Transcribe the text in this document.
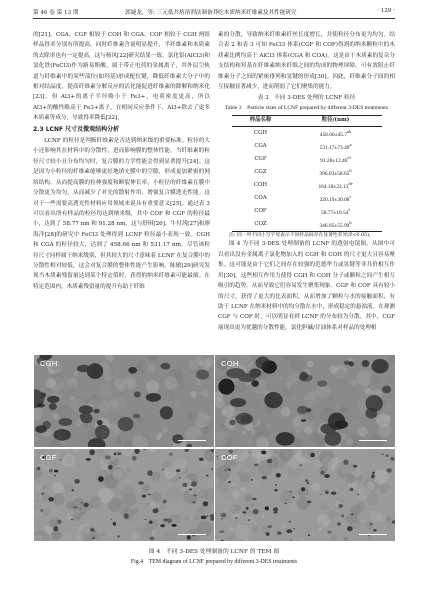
第 46 卷 第 13 期	郭婕龙，等: 三元低共熔溶剂法制备莽吃木质纳米纤维素及其性能研究	· 129 ·

的[21]。CGA、CGF 相较于 COH 和 CGA、COF 相较于 CGH 两组样品得率分别有所提高，同时纤维素含量明显提升，半纤维素和木质素的去除率也有一定提高，这与杨风[22]研究结果一致。氯化铝(AlCl3)和氯化铁(FeCl3)作为路易斯酸，属于带正电荷的金属离子，其外层空轨道与纤维素中的某些部位(如羟基)形成配位键，降低纤维素大分子中的相对结晶度，提高纤维素分解反应的活化能促进纤维素的降解和纳米化[23]。但 Al3+的离子半径略小于 Fe3+，电荷密度更高，所以 Al3+的酸性略高于 Fe3+离子，在相同反应条件下，Al3+除去了更多木质素等成分，导致得率降低[22]。

2.3 LCNF 尺寸及微观结构分析

LCNF 的粒径是判断纤维素是否达到纳米级的重要标准。粒径的大小还影响其在材料中的分散性，进而影响膜的整体性能。当纤维素的粒径尺寸较小且分布均匀时，复合膜的力学性能会得到显著提升[24]。这是因为小粒径的纤维素能够更好地填充膜中的空隙，形成更加紧密的网络结构，从而提高膜的拉伸强度和断裂伸长率。小粒径的纤维素在膜中分散更为均匀，从而减少了对光的散射作用，增强复合膜透光性能。这对于一些需要高透光性材料应用领域来说具有重要意义[25]。通过表 3 可以看出所有样品的粒径均达到纳米级，其中 COF 和 CGF 的粒径最小，达到了 58.77 nm 和 91.28 nm，这与舒琪[26]、牛付茜[27]和廖海洋[28]的研究中 FeCl3 处理得到 LCNF 粒径最小表现一致。CGH 和 CGA 的粒径较大，达到了 458.66 nm 和 531.17 nm。尽管该粒径尺寸同样属于纳米级别，但其较大的尺寸意味着 LCNF 在复合膜中的分散性相对较低，这会对复合膜的整体性能产生影响。陈敏[29]研究发现当木质素残留量达到某个特定值时，获得的纳米纤维素可能最细。在特定范围内，木质素残留量的提升有助于纤维

素的分散，导致纳米纤维素纤丝长度增长，并使粒径分布更为均匀。结合表 2 和表 3 可知 FeCl3 体系(CGF 和 COF)得到的纳米颗粒中的木质素比例均高于 AlCl3 体系(CGA 和 COA)。这是由于木质素的复杂分支结构和羟基在纤维素纳米纤维之间的均成的物理屏障，可有效阻止纤维素分子之间的紧密排列和氢键的形成[30]。因此，纤维素分子间的相互接触显著减少，进而削弱了它们聚集的能力。

表 3　不同 3-DES 处理的 LCNF 粒径
Table 3　Particle sizes of LCNF prepared by different 3-DES treatments
样品名称	粒径/(nm)
CGH	458.66±45.7$^{ab}$
CGA	531.17±73.49$^a$
CGF	91.28±13.40$^{ef}$
CGZ	396.03±58.65$^b$
COH	164.18±23.13de
COA	220.19±30.08$^c$
COF	58.77±10.54$^f$
COZ	346.05±55.99$^b$

注: 同一列不同小写字母表示不同样品间存在显著性差异(P<0.05)。

图 4 为不同 3-DES 处理制备的 LCNF 的透射电镜图，从图中可以看出没有金属离子氯化物加入的 CGH 和 COH 的尺寸更大且容易聚集。这可能是由于它们之间存在较强的范德华力或氢键等非共价相互作用[30]。这些相互作用力使得 CGH 和 COH 分子或颗粒之间产生相互吸引的趋势，从而导致它们容易发生聚集现象。CGF 和 COF 具有较小的尺寸，获得了更大的比表面积，从而增加了颗粒与水的接触面积，有助于 LCNF 在纳米材料中的均分散在水中，形成稳定的悬浊液。在观测 CGF 与 COF 时，可以明显看到 LCNF 的分布较为分散。其中，CGF 展现出更为优越的分散性能。氯化胆碱/甘油体系对样品的处理相

CGH	COH
CGF	COF
图 4　不同 3-DES 处理制备的 LCNF 的 TEM 图
Fig.4　TEM diagram of LCNF prepared by different 3-DES treatments
